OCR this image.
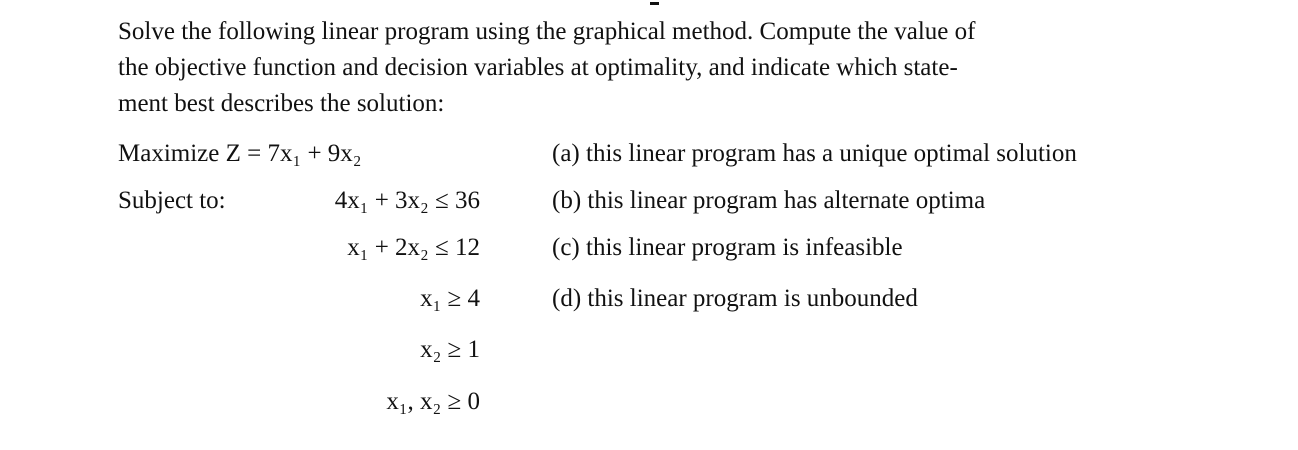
Solve the following linear program using the graphical method. Compute the value of
the objective function and decision variables at optimality, and indicate which state-
ment best describes the solution:
Maximize Z = 7x₁ + 9x₂	(a) this linear program has a unique optimal solution
Subject to:	4x₁ + 3x₂ ≤ 36	(b) this linear program has alternate optima
x₁ + 2x₂ ≤ 12	(c) this linear program is infeasible
x₁ ≥ 4	(d) this linear program is unbounded
x₂ ≥ 1
x₁, x₂ ≥ 0
